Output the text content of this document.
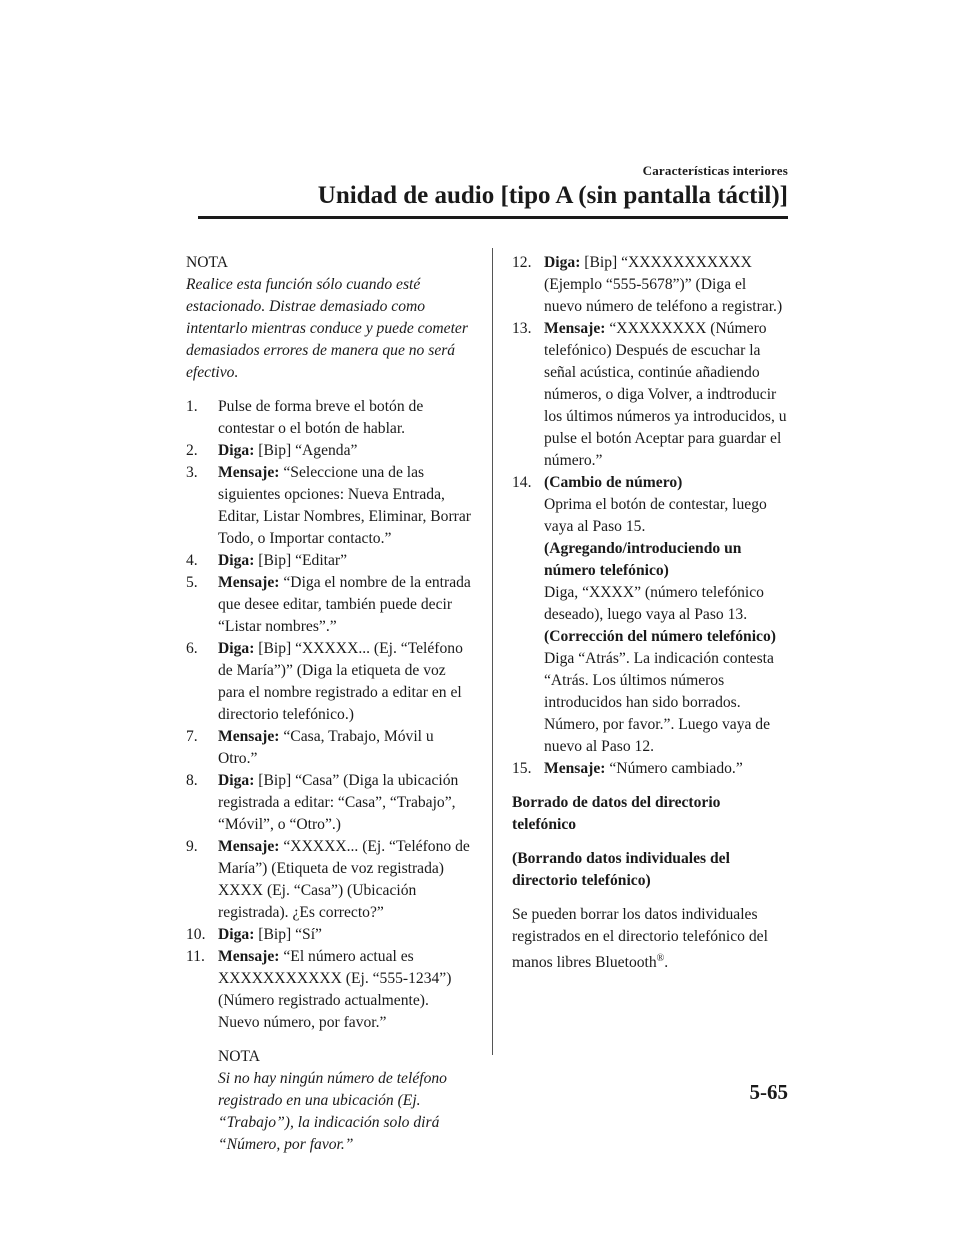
Características interiores
Unidad de audio [tipo A (sin pantalla táctil)]
NOTA
Realice esta función sólo cuando esté estacionado. Distrae demasiado como intentarlo mientras conduce y puede cometer demasiados errores de manera que no será efectivo.
1. Pulse de forma breve el botón de contestar o el botón de hablar.
2. Diga: [Bip] “Agenda”
3. Mensaje: “Seleccione una de las siguientes opciones: Nueva Entrada, Editar, Listar Nombres, Eliminar, Borrar Todo, o Importar contacto.”
4. Diga: [Bip] “Editar”
5. Mensaje: “Diga el nombre de la entrada que desee editar, también puede decir “Listar nombres”.”
6. Diga: [Bip] “XXXXX... (Ej. “Teléfono de María”)” (Diga la etiqueta de voz para el nombre registrado a editar en el directorio telefónico.)
7. Mensaje: “Casa, Trabajo, Móvil u Otro.”
8. Diga: [Bip] “Casa” (Diga la ubicación registrada a editar: “Casa”, “Trabajo”, “Móvil”, o “Otro”.)
9. Mensaje: “XXXXX... (Ej. “Teléfono de María”) (Etiqueta de voz registrada) XXXX (Ej. “Casa”) (Ubicación registrada). ¿Es correcto?”
10. Diga: [Bip] “Sí”
11. Mensaje: “El número actual es XXXXXXXXXXX (Ej. “555-1234”) (Número registrado actualmente). Nuevo número, por favor.”
NOTA
Si no hay ningún número de teléfono registrado en una ubicación (Ej. “Trabajo”), la indicación solo dirá “Número, por favor.”
12. Diga: [Bip] “XXXXXXXXXXX (Ejemplo “555-5678”)” (Diga el nuevo número de teléfono a registrar.)
13. Mensaje: “XXXXXXXX (Número telefónico) Después de escuchar la señal acústica, continúe añadiendo números, o diga Volver, a indtroducir los últimos números ya introducidos, u pulse el botón Aceptar para guardar el número.”
14. (Cambio de número)
Oprima el botón de contestar, luego vaya al Paso 15.
(Agregando/introduciendo un número telefónico)
Diga, “XXXX” (número telefónico deseado), luego vaya al Paso 13.
(Corrección del número telefónico)
Diga “Atrás”. La indicación contesta “Atrás. Los últimos números introducidos han sido borrados. Número, por favor.”. Luego vaya de nuevo al Paso 12.
15. Mensaje: “Número cambiado.”
Borrado de datos del directorio telefónico
(Borrando datos individuales del directorio telefónico)
Se pueden borrar los datos individuales registrados en el directorio telefónico del manos libres Bluetooth®.
5-65
